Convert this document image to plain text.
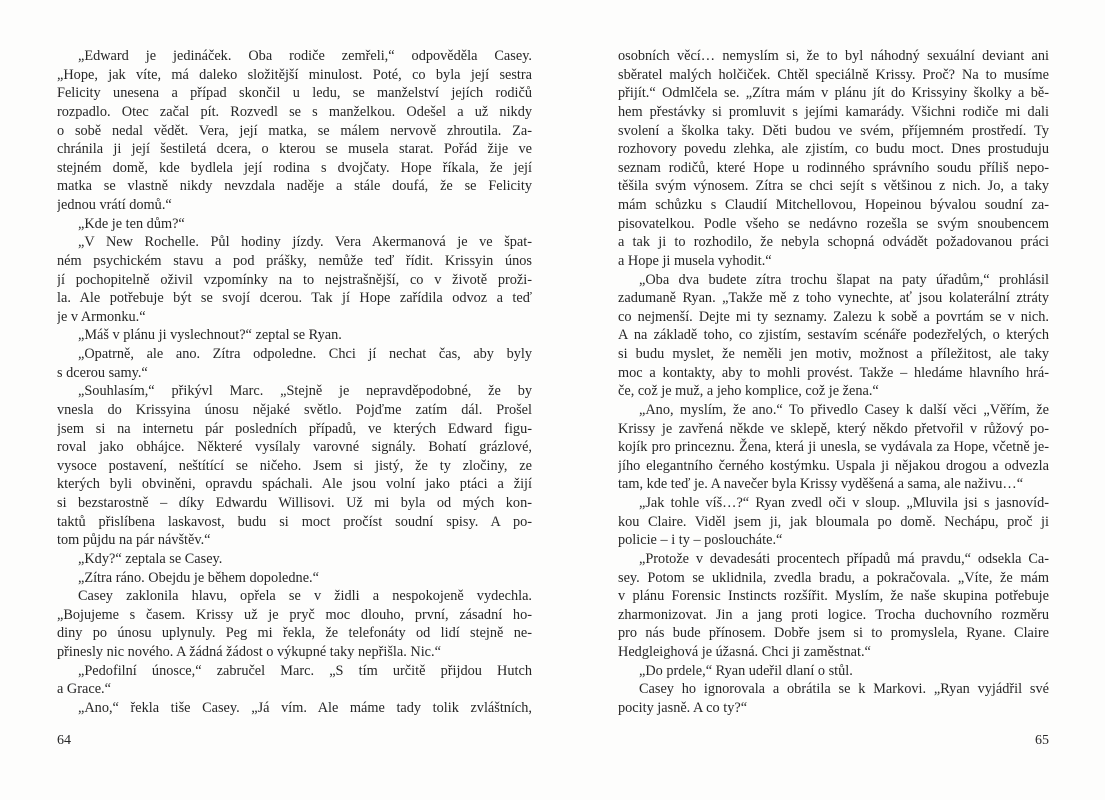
„Edward je jedináček. Oba rodiče zemřeli,“ odpověděla Casey.
„Hope, jak víte, má daleko složitější minulost. Poté, co byla její sestra
Felicity unesena a případ skončil u ledu, se manželství jejích rodičů
rozpadlo. Otec začal pít. Rozvedl se s manželkou. Odešel a už nikdy
o sobě nedal vědět. Vera, její matka, se málem nervově zhroutila. Za-
chránila ji její šestiletá dcera, o kterou se musela starat. Pořád žije ve
stejném domě, kde bydlela její rodina s dvojčaty. Hope říkala, že její
matka se vlastně nikdy nevzdala naděje a stále doufá, že se Felicity
jednou vrátí domů.“
„Kde je ten dům?“
„V New Rochelle. Půl hodiny jízdy. Vera Akermanová je ve špat-
ném psychickém stavu a pod prášky, nemůže teď řídit. Krissyin únos
jí pochopitelně oživil vzpomínky na to nejstrašnější, co v životě proži-
la. Ale potřebuje být se svojí dcerou. Tak jí Hope zařídila odvoz a teď
je v Armonku.“
„Máš v plánu ji vyslechnout?“ zeptal se Ryan.
„Opatrně, ale ano. Zítra odpoledne. Chci jí nechat čas, aby byly
s dcerou samy.“
„Souhlasím,“ přikývl Marc. „Stejně je nepravděpodobné, že by
vnesla do Krissyina únosu nějaké světlo. Pojďme zatím dál. Prošel
jsem si na internetu pár posledních případů, ve kterých Edward figu-
roval jako obhájce. Některé vysílaly varovné signály. Bohatí grázlové,
vysoce postavení, neštítící se ničeho. Jsem si jistý, že ty zločiny, ze
kterých byli obviněni, opravdu spáchali. Ale jsou volní jako ptáci a žijí
si bezstarostně – díky Edwardu Willisovi. Už mi byla od mých kon-
taktů přislíbena laskavost, budu si moct pročíst soudní spisy. A po-
tom půjdu na pár návštěv.“
„Kdy?“ zeptala se Casey.
„Zítra ráno. Obejdu je během dopoledne.“
Casey zaklonila hlavu, opřela se v židli a nespokojeně vydechla.
„Bojujeme s časem. Krissy už je pryč moc dlouho, první, zásadní ho-
diny po únosu uplynuly. Peg mi řekla, že telefonáty od lidí stejně ne-
přinesly nic nového. A žádná žádost o výkupné taky nepřišla. Nic.“
„Pedofilní únosce,“ zabručel Marc. „S tím určitě přijdou Hutch
a Grace.“
„Ano,“ řekla tiše Casey. „Já vím. Ale máme tady tolik zvláštních,
osobních věcí… nemyslím si, že to byl náhodný sexuální deviant ani
sběratel malých holčiček. Chtěl speciálně Krissy. Proč? Na to musíme
přijít.“ Odmlčela se. „Zítra mám v plánu jít do Krissyiny školky a bě-
hem přestávky si promluvit s jejími kamarády. Všichni rodiče mi dali
svolení a školka taky. Děti budou ve svém, příjemném prostředí. Ty
rozhovory povedu zlehka, ale zjistím, co budu moct. Dnes prostuduju
seznam rodičů, které Hope u rodinného správního soudu příliš nepo-
těšila svým výnosem. Zítra se chci sejít s většinou z nich. Jo, a taky
mám schůzku s Claudií Mitchellovou, Hopeinou bývalou soudní za-
pisovatelkou. Podle všeho se nedávno rozešla se svým snoubencem
a tak ji to rozhodilo, že nebyla schopná odvádět požadovanou práci
a Hope ji musela vyhodit.“
„Oba dva budete zítra trochu šlapat na paty úřadům,“ prohlásil
zadumaně Ryan. „Takže mě z toho vynechte, ať jsou kolaterální ztráty
co nejmenší. Dejte mi ty seznamy. Zalezu k sobě a povrtám se v nich.
A na základě toho, co zjistím, sestavím scénáře podezřelých, o kterých
si budu myslet, že neměli jen motiv, možnost a příležitost, ale taky
moc a kontakty, aby to mohli provést. Takže – hledáme hlavního hrá-
če, což je muž, a jeho komplice, což je žena.“
„Ano, myslím, že ano.“ To přivedlo Casey k další věci „Věřím, že
Krissy je zavřená někde ve sklepě, který někdo přetvořil v růžový po-
kojík pro princeznu. Žena, která ji unesla, se vydávala za Hope, včetně je-
jího elegantního černého kostýmku. Uspala ji nějakou drogou a odvezla
tam, kde teď je. A navečer byla Krissy vyděšená a sama, ale naživu…“
„Jak tohle víš…?“ Ryan zvedl oči v sloup. „Mluvila jsi s jasnovíd-
kou Claire. Viděl jsem ji, jak bloumala po domě. Nechápu, proč ji
policie – i ty – posloucháte.“
„Protože v devadesáti procentech případů má pravdu,“ odsekla Ca-
sey. Potom se uklidnila, zvedla bradu, a pokračovala. „Víte, že mám
v plánu Forensic Instincts rozšířit. Myslím, že naše skupina potřebuje
zharmonizovat. Jin a jang proti logice. Trocha duchovního rozměru
pro nás bude přínosem. Dobře jsem si to promyslela, Ryane. Claire
Hedgleighová je úžasná. Chci ji zaměstnat.“
„Do prdele,“ Ryan udeřil dlaní o stůl.
Casey ho ignorovala a obrátila se k Markovi. „Ryan vyjádřil své
pocity jasně. A co ty?“
64	65
